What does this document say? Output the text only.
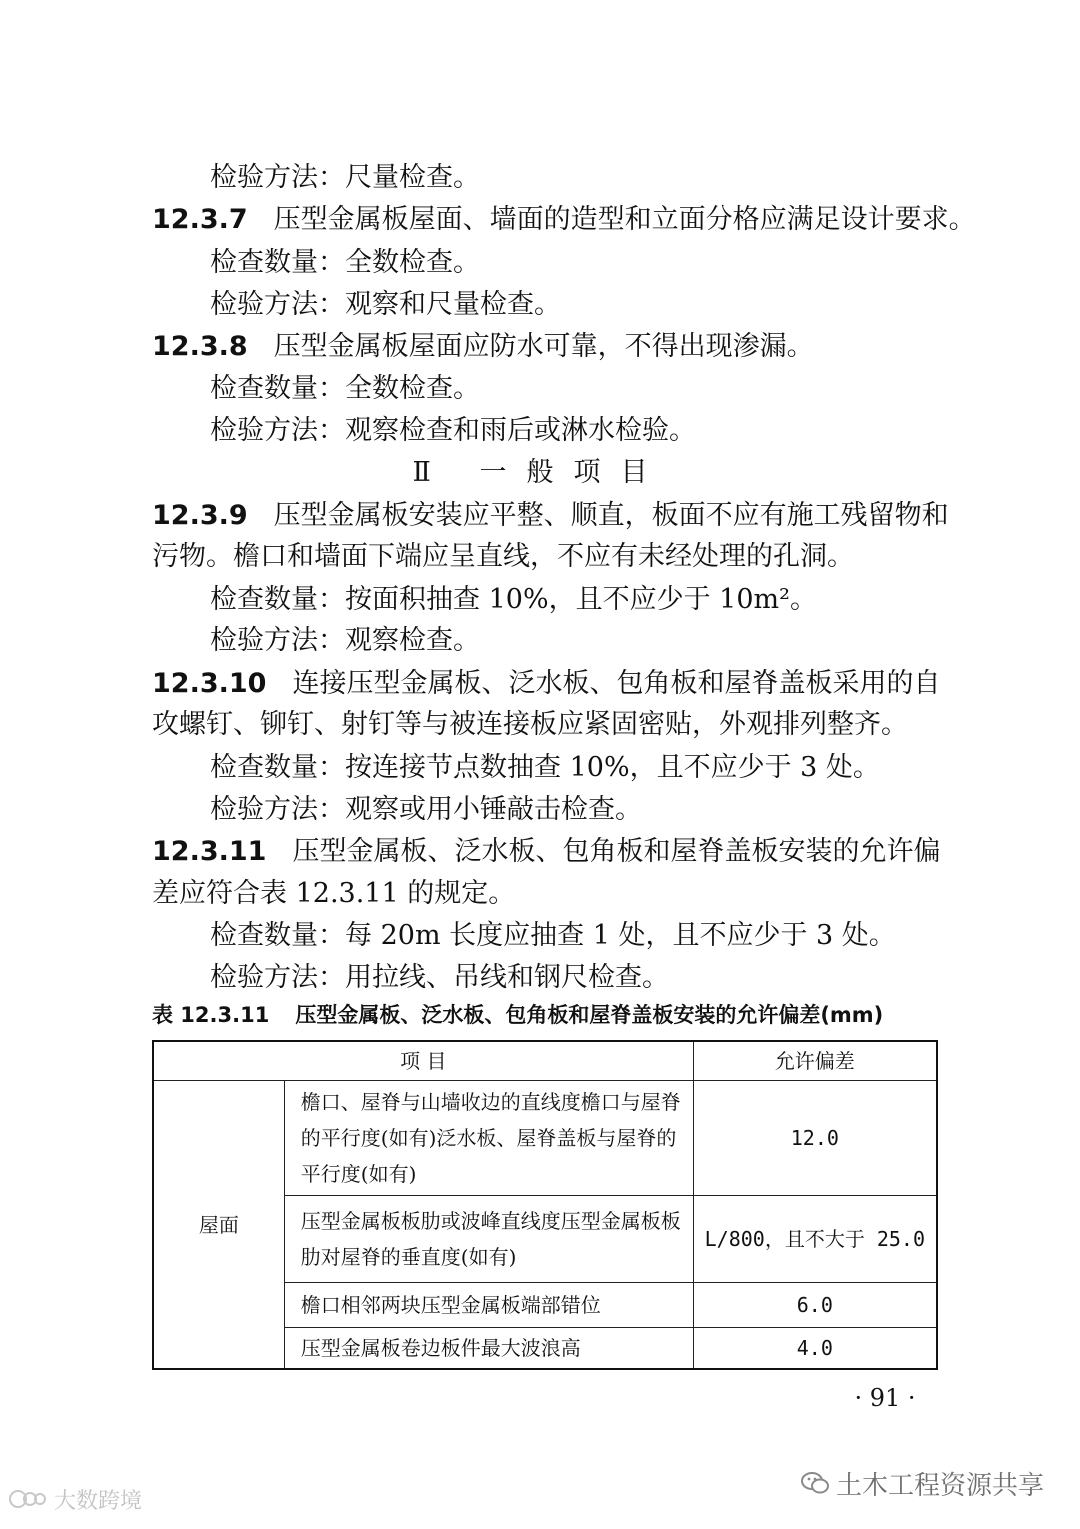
检验方法：尺量检查。
12.3.7 压型金属板屋面、墙面的造型和立面分格应满足设计要求。
检查数量：全数检查。
检验方法：观察和尺量检查。
12.3.8 压型金属板屋面应防水可靠，不得出现渗漏。
检查数量：全数检查。
检验方法：观察检查和雨后或淋水检验。
Ⅱ 一般项目
12.3.9 压型金属板安装应平整、顺直，板面不应有施工残留物和
污物。檐口和墙面下端应呈直线，不应有未经处理的孔洞。
检查数量：按面积抽查 10%，且不应少于 10m²。
检验方法：观察检查。
12.3.10 连接压型金属板、泛水板、包角板和屋脊盖板采用的自
攻螺钉、铆钉、射钉等与被连接板应紧固密贴，外观排列整齐。
检查数量：按连接节点数抽查 10%，且不应少于 3 处。
检验方法：观察或用小锤敲击检查。
12.3.11 压型金属板、泛水板、包角板和屋脊盖板安装的允许偏
差应符合表 12.3.11 的规定。
检查数量：每 20m 长度应抽查 1 处，且不应少于 3 处。
检验方法：用拉线、吊线和钢尺检查。
表 12.3.11 压型金属板、泛水板、包角板和屋脊盖板安装的允许偏差(mm)
项 目		允许偏差
屋面	檐口、屋脊与山墙收边的直线度檐口与屋脊的平行度(如有)泛水板、屋脊盖板与屋脊的平行度(如有)	12.0
	压型金属板板肋或波峰直线度压型金属板板肋对屋脊的垂直度(如有)	L/800，且不大于 25.0
	檐口相邻两块压型金属板端部错位	6.0
	压型金属板卷边板件最大波浪高	4.0
· 91 ·
土木工程资源共享
大数跨境
